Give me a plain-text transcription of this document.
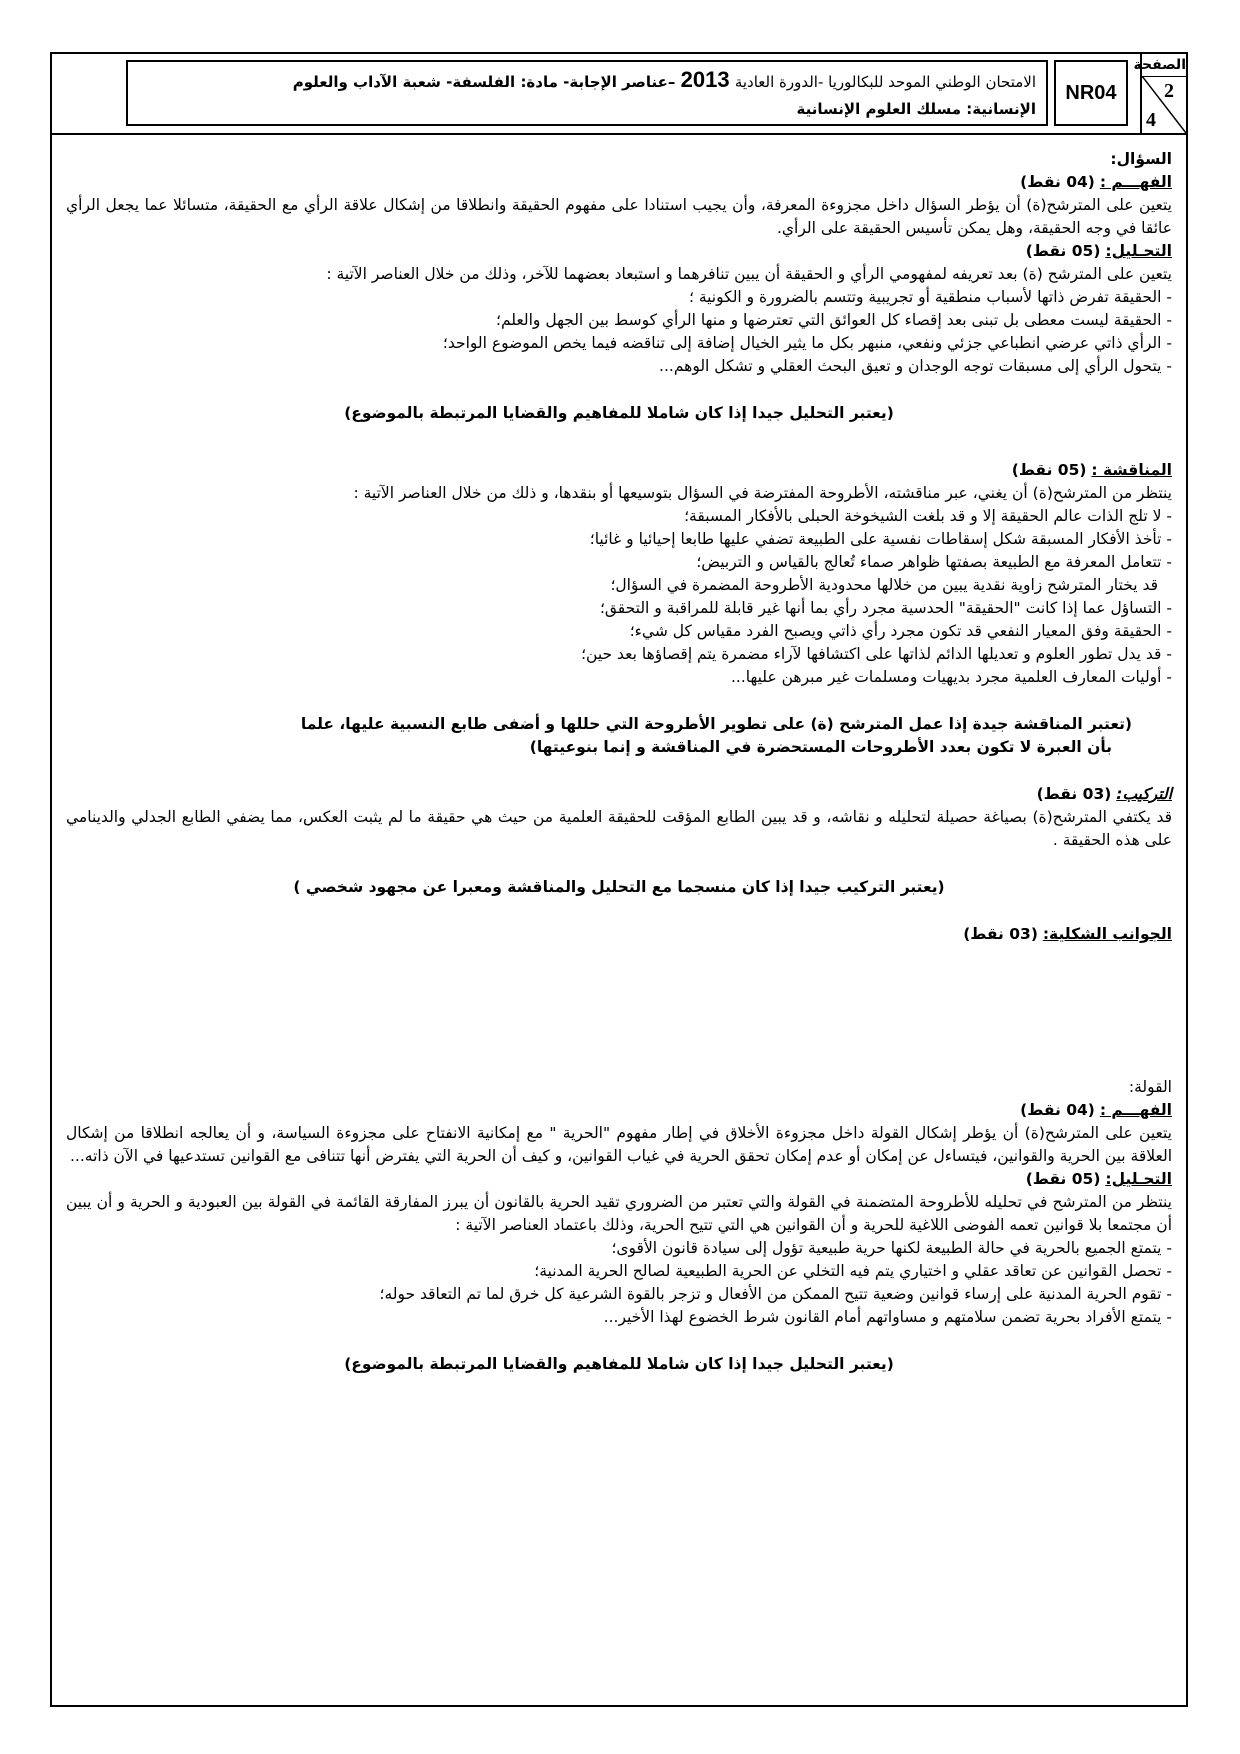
الصفحة
2
4
NR04
الامتحان الوطني الموحد للبكالوريا -الدورة العادية 2013 –عناصر الإجابة- مادة: الفلسفة- شعبة الآداب والعلوم
الإنسانية: مسلك العلوم الإنسانية

السؤال:

الفهـــم : (04 نقط)

يتعين على المترشح(ة) أن يؤطر السؤال داخل مجزوءة المعرفة، وأن يجيب استنادا على مفهوم الحقيقة وانطلاقا من إشكال علاقة الرأي مع الحقيقة، متسائلا عما يجعل الرأي عائقا في وجه الحقيقة، وهل يمكن تأسيس الحقيقة على الرأي.

التحـليل: (05 نقط)

يتعين على المترشح (ة) بعد تعريفه لمفهومي الرأي و الحقيقة أن يبين تنافرهما و استبعاد بعضهما للآخر، وذلك من خلال العناصر الآتية :

- الحقيقة تفرض ذاتها لأسباب منطقية أو تجريبية وتتسم بالضرورة و الكونية ؛
- الحقيقة ليست معطى بل تبنى بعد إقصاء كل العوائق التي تعترضها و منها الرأي كوسط بين الجهل والعلم؛
- الرأي ذاتي عرضي انطباعي جزئي ونفعي، منبهر بكل ما يثير الخيال إضافة إلى تناقضه فيما يخص الموضوع الواحد؛
- يتحول الرأي إلى مسبقات توجه الوجدان و تعيق البحث العقلي و تشكل الوهم...

(يعتبر التحليل جيدا إذا كان شاملا للمفاهيم والقضايا المرتبطة بالموضوع)

المناقشة : (05 نقط)

ينتظر من المترشح(ة) أن يغني، عبر مناقشته، الأطروحة المفترضة في السؤال بتوسيعها أو بنقدها، و ذلك من خلال العناصر الآتية :

- لا تلج الذات عالم الحقيقة إلا و قد بلغت الشيخوخة الحبلى بالأفكار المسبقة؛
- تأخذ الأفكار المسبقة شكل إسقاطات نفسية على الطبيعة تضفي عليها طابعا إحيائيا و غائيا؛
- تتعامل المعرفة مع الطبيعة بصفتها ظواهر صماء تُعالج بالقياس و التربيض؛

قد يختار المترشح زاوية نقدية يبين من خلالها محدودية الأطروحة المضمرة في السؤال؛

- التساؤل عما إذا كانت "الحقيقة" الحدسية مجرد رأي بما أنها غير قابلة للمراقبة و التحقق؛
- الحقيقة وفق المعيار النفعي قد تكون مجرد رأي ذاتي ويصبح الفرد مقياس كل شيء؛
- قد يدل تطور العلوم و تعديلها الدائم لذاتها على اكتشافها لآراء مضمرة يتم إقصاؤها بعد حين؛
- أوليات المعارف العلمية مجرد بديهيات ومسلمات غير مبرهن عليها...

(تعتبر المناقشة جيدة إذا عمل المترشح (ة) على تطوير الأطروحة التي حللها و أضفى طابع النسبية عليها، علما

بأن العبرة لا تكون بعدد الأطروحات المستحضرة في المناقشة و إنما بنوعيتها)

التركيب: (03 نقط)

قد يكتفي المترشح(ة) بصياغة حصيلة لتحليله و نقاشه، و قد يبين الطابع المؤقت للحقيقة العلمية من حيث هي حقيقة ما لم يثبت العكس، مما يضفي الطابع الجدلي والدينامي على هذه الحقيقة .

(يعتبر التركيب جيدا إذا كان منسجما مع التحليل والمناقشة ومعبرا عن مجهود شخصي )

الجوانب الشكلية: (03 نقط)

القولة:

الفهـــم : (04 نقط)

يتعين على المترشح(ة) أن يؤطر إشكال القولة داخل مجزوءة الأخلاق في إطار مفهوم "الحرية " مع إمكانية الانفتاح على مجزوءة السياسة، و أن يعالجه انطلاقا من إشكال العلاقة بين الحرية والقوانين، فيتساءل عن إمكان أو عدم إمكان تحقق الحرية في غياب القوانين، و كيف أن الحرية التي يفترض أنها تتنافى مع القوانين تستدعيها في الآن ذاته...

التحـليل: (05 نقط)

ينتظر من المترشح في تحليله للأطروحة المتضمنة في القولة والتي تعتبر من الضروري تقيد الحرية بالقانون أن يبرز المفارقة القائمة في القولة بين العبودية و الحرية و أن يبين أن مجتمعا بلا قوانين تعمه الفوضى اللاغية للحرية و أن القوانين هي التي تتيح الحرية، وذلك باعتماد العناصر الآتية :

- يتمتع الجميع بالحرية في حالة الطبيعة لكنها حرية طبيعية تؤول إلى سيادة قانون الأقوى؛
- تحصل القوانين عن تعاقد عقلي و اختياري يتم فيه التخلي عن الحرية الطبيعية لصالح الحرية المدنية؛
- تقوم الحرية المدنية على إرساء قوانين وضعية تتيح الممكن من الأفعال و تزجر بالقوة الشرعية كل خرق لما تم التعاقد حوله؛
- يتمتع الأفراد بحرية تضمن سلامتهم و مساواتهم أمام القانون شرط الخضوع لهذا الأخير...

(يعتبر التحليل جيدا إذا كان شاملا للمفاهيم والقضايا المرتبطة بالموضوع)
